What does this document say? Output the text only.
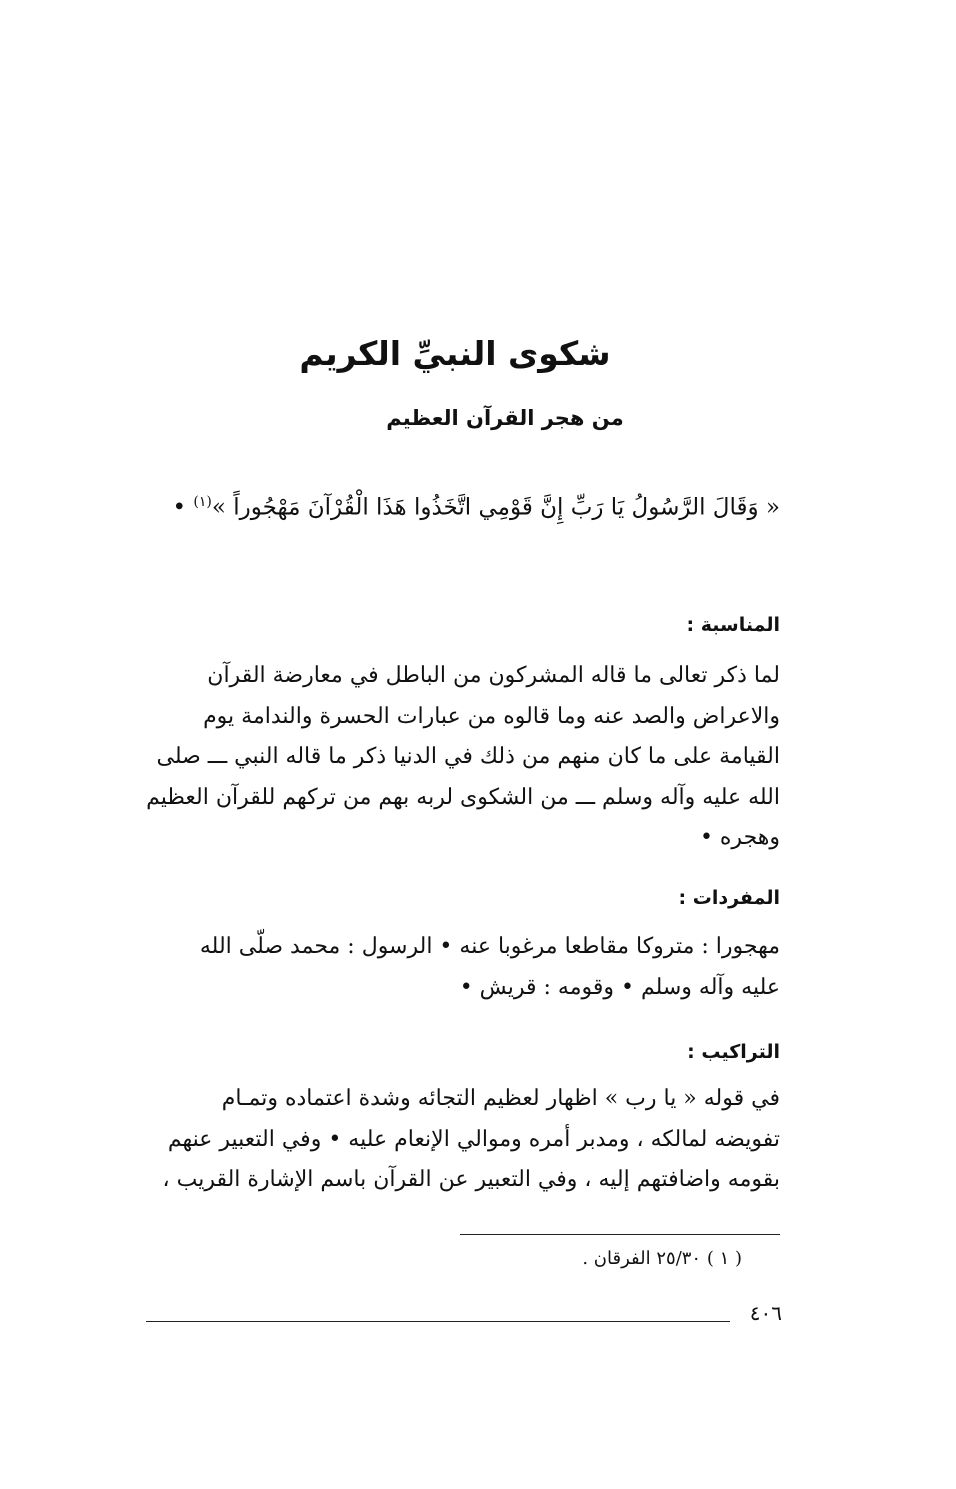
شكوى النبيِّ الكريم
من هجر القرآن العظيم

« وَقَالَ الرَّسُولُ يَا رَبِّ إِنَّ قَوْمِي اتَّخَذُوا هَذَا الْقُرْآنَ مَهْجُوراً »$^{(١)}$ •

المناسبة :

لما ذكر تعالى ما قاله المشركون من الباطل في معارضة القرآن

والاعراض والصد عنه وما قالوه من عبارات الحسرة والندامة يوم

القيامة على ما كان منهم من ذلك في الدنيا ذكر ما قاله النبي ـــ صلى

الله عليه وآله وسلم ـــ من الشكوى لربه بهم من تركهم للقرآن العظيم

وهجره •

المفردات :

مهجورا : متروكا مقاطعا مرغوبا عنه • الرسول : محمد صلّى الله

عليه وآله وسلم • وقومه : قريش •

التراكيب :

في قوله « يا رب » اظهار لعظيم التجائه وشدة اعتماده وتمـام

تفويضه لمالكه ، ومدبر أمره وموالي الإنعام عليه • وفي التعبير عنهم

بقومه واضافتهم إليه ، وفي التعبير عن القرآن باسم الإشارة القريب ،

( ١ ) ٢٥/٣٠ الفرقان .
٤٠٦
